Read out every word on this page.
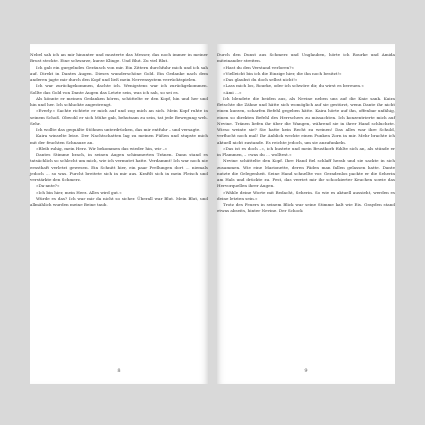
Nebel sah ich an mir hinunter und musterte das Messer, das noch immer in meiner Brust steckte. Eine schwarze, kurze Klinge. Und Blut. Zu viel Blut.

Ich gab ein gurgelndes Geräusch von mir. Ein Zittern durchfuhr mich und ich sah auf. Direkt in Dantes Augen. Dieses wunderschöne Gold. Ein Gedanke nach dem anderen jagte mir durch den Kopf und ließ mein Nervensystem verrücktspielen.

Ich war zurückgekommen, dachte ich. Wenigstens war ich zurückgekommen. Sollte das Gold von Dante Augen das Letzte sein, was ich sah, so sei es.

Als könnte er meinen Gedanken hören, schüttelte er den Kopf, hin und her und hin und her. Ich schluckte angestrengt.

»Everly.« Sachte richtete er mich auf und zog mich an sich. Mein Kopf ruhte in seinem Schoß. Obwohl er sich Mühe gab, behutsam zu sein, tat jede Bewegung weh. Sehr.

Ich wollte das gequälte Stöhnen unterdrücken, das mir entfuhr – und versagte.

Kaira winselte leise. Der Nachtschatten lag zu meinen Füßen und stupste mich mit der feuchten Schnauze an.

»Bleib ruhig, mein Herz. Wir bekommen das wieder hin, wir –«

Dantes Stimme brach, in seinen Augen schimmerten Tränen. Dann stand es tatsächlich so schlecht um mich, wie ich vermutet hatte. Verdammt! Ich war noch nie ernsthaft verletzt gewesen. Ein Schnitt hier, ein paar Prellungen dort … niemals jedoch … so was. Furcht breitete sich in mir aus. Kraftlt sich in mein Fleisch und verstärkte den Schmerz.

»Da-ante?«

»Ich bin hier, mein Herz. Alles wird gut.«

Würde es das? Ich war mir da nicht so sicher. Überall war Blut. Mein Blut, und allmählich wurden meine Beine taub.

8

Durch den Dunst aus Schmerz und Unglauben, hörte ich Rourke und Amida miteinander streiten.

»Hast du den Verstand verloren?«

»Vielleicht bin ich die Einzige hier, die ihn noch besitzt!«

»Das glaubst du doch selbst nicht!«

»Lass mich los, Rourke, oder ich schwöre dir, du wirst es bereuen.«

»Ami …«

Ich blendete die beiden aus, als Nevine neben uns auf die Knie sank. Kaira fletschte die Zähne und hätte sich womöglich auf sie gestürzt, wenn Dante ihr nicht einen kurzen, scharfen Befehl gegeben hätte. Kaira hörte auf ihn, offenbar unfähig, einen so direkten Befehl des Herrschers zu missachten. Ich konzentrierte mich auf Nevine. Tränen liefen ihr über die Wangen, während sie in ihrer Hand schluchzte. Wieso weinte sie? Sie hatte kein Recht zu weinen! Das alles war ihre Schuld, verflucht noch mal! Ihr Anblick weckte einen Funken Zorn in mir. Mehr brachte ich aktuell nicht zustande. Es reichte jedoch, um sie anzufunkeln.

»Das ist es doch –«, ich hustete und mein Brustkorb fühlte sich an, als stünde er in Flammen, – »was du … wolltest.«

Nevine schüttelte den Kopf. Ihre Hand fiel schlaff herab und sie sackte in sich zusammen. Wie eine Marionette, deren Fäden man fallen gelassen hatte. Dante nutzte die Gelegenheit. Seine Hand schnellte vor. Geradenlos packte er die Seherin am Hals und drückte zu. Fest, das verriet mir ihr schockierter Keuchen sowie das Hervorquellen ihrer Augen.

»Wähle deine Worte mit Bedacht, Seherin. So wie es aktuell aussieht, werden es deine letzten sein.«

Trotz des Feuers in seinem Blick war seine Stimme kalt wie Eis. Grayden stand etwas abseits, hinter Nevine. Der Schock

9
